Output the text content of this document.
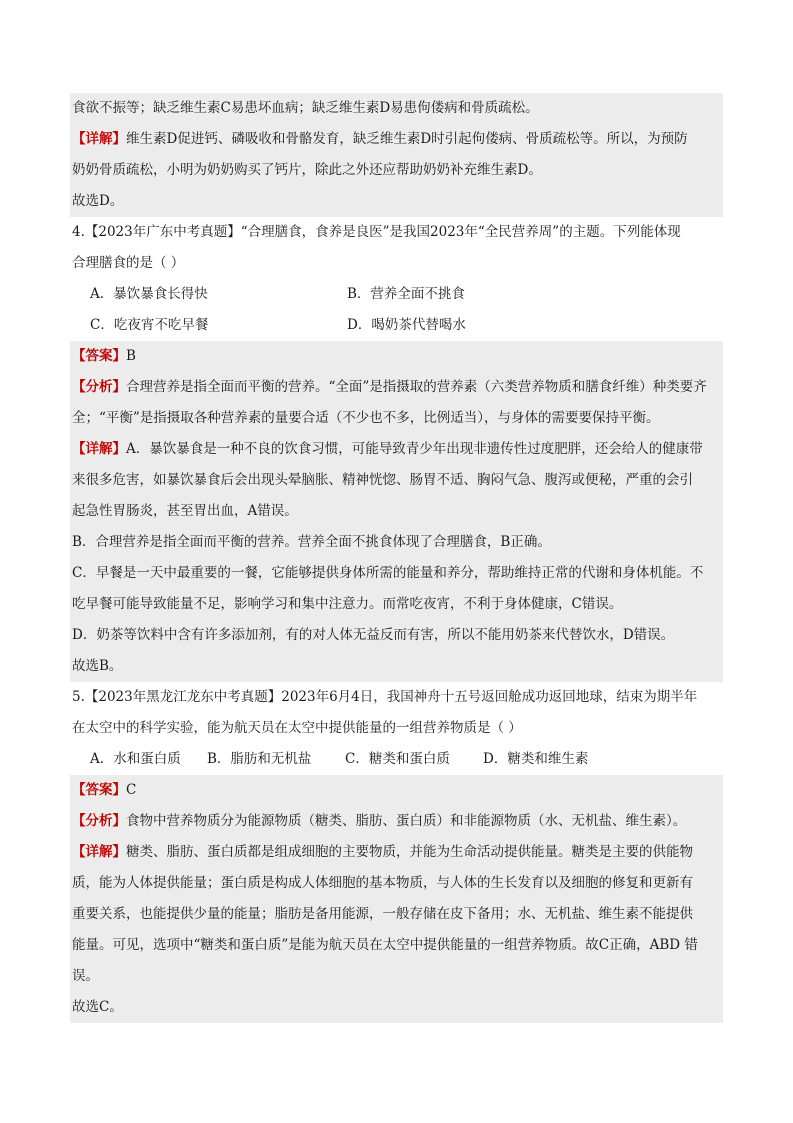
食欲不振等；缺乏维生素C易患坏血病；缺乏维生素D易患佝偻病和骨质疏松。
【详解】维生素D促进钙、磷吸收和骨骼发育，缺乏维生素D时引起佝偻病、骨质疏松等。所以，为预防
奶奶骨质疏松，小明为奶奶购买了钙片，除此之外还应帮助奶奶补充维生素D。
故选D。
4.【2023年广东中考真题】“合理膳食，食养是良医”是我国2023年“全民营养周”的主题。下列能体现
合理膳食的是（ ）
A．暴饮暴食长得快	B．营养全面不挑食
C．吃夜宵不吃早餐	D．喝奶茶代替喝水
【答案】B
【分析】合理营养是指全面而平衡的营养。“全面”是指摄取的营养素（六类营养物质和膳食纤维）种类要齐
全；“平衡”是指摄取各种营养素的量要合适（不少也不多，比例适当），与身体的需要要保持平衡。
【详解】A．暴饮暴食是一种不良的饮食习惯，可能导致青少年出现非遗传性过度肥胖，还会给人的健康带
来很多危害，如暴饮暴食后会出现头晕脑胀、精神恍惚、肠胃不适、胸闷气急、腹泻或便秘，严重的会引
起急性胃肠炎，甚至胃出血，A错误。
B．合理营养是指全面而平衡的营养。营养全面不挑食体现了合理膳食，B正确。
C．早餐是一天中最重要的一餐，它能够提供身体所需的能量和养分，帮助维持正常的代谢和身体机能。不
吃早餐可能导致能量不足，影响学习和集中注意力。而常吃夜宵，不利于身体健康，C错误。
D．奶茶等饮料中含有许多添加剂，有的对人体无益反而有害，所以不能用奶茶来代替饮水，D错误。
故选B。
5.【2023年黑龙江龙东中考真题】2023年6月4日，我国神舟十五号返回舱成功返回地球，结束为期半年
在太空中的科学实验，能为航天员在太空中提供能量的一组营养物质是（ ）
A．水和蛋白质	B．脂肪和无机盐	C．糖类和蛋白质	D．糖类和维生素
【答案】C
【分析】食物中营养物质分为能源物质（糖类、脂肪、蛋白质）和非能源物质（水、无机盐、维生素）。
【详解】糖类、脂肪、蛋白质都是组成细胞的主要物质，并能为生命活动提供能量。糖类是主要的供能物
质，能为人体提供能量；蛋白质是构成人体细胞的基本物质，与人体的生长发育以及细胞的修复和更新有
重要关系，也能提供少量的能量；脂肪是备用能源，一般存储在皮下备用；水、无机盐、维生素不能提供
能量。可见，选项中“糖类和蛋白质”是能为航天员在太空中提供能量的一组营养物质。故C正确，ABD 错
误。
故选C。
